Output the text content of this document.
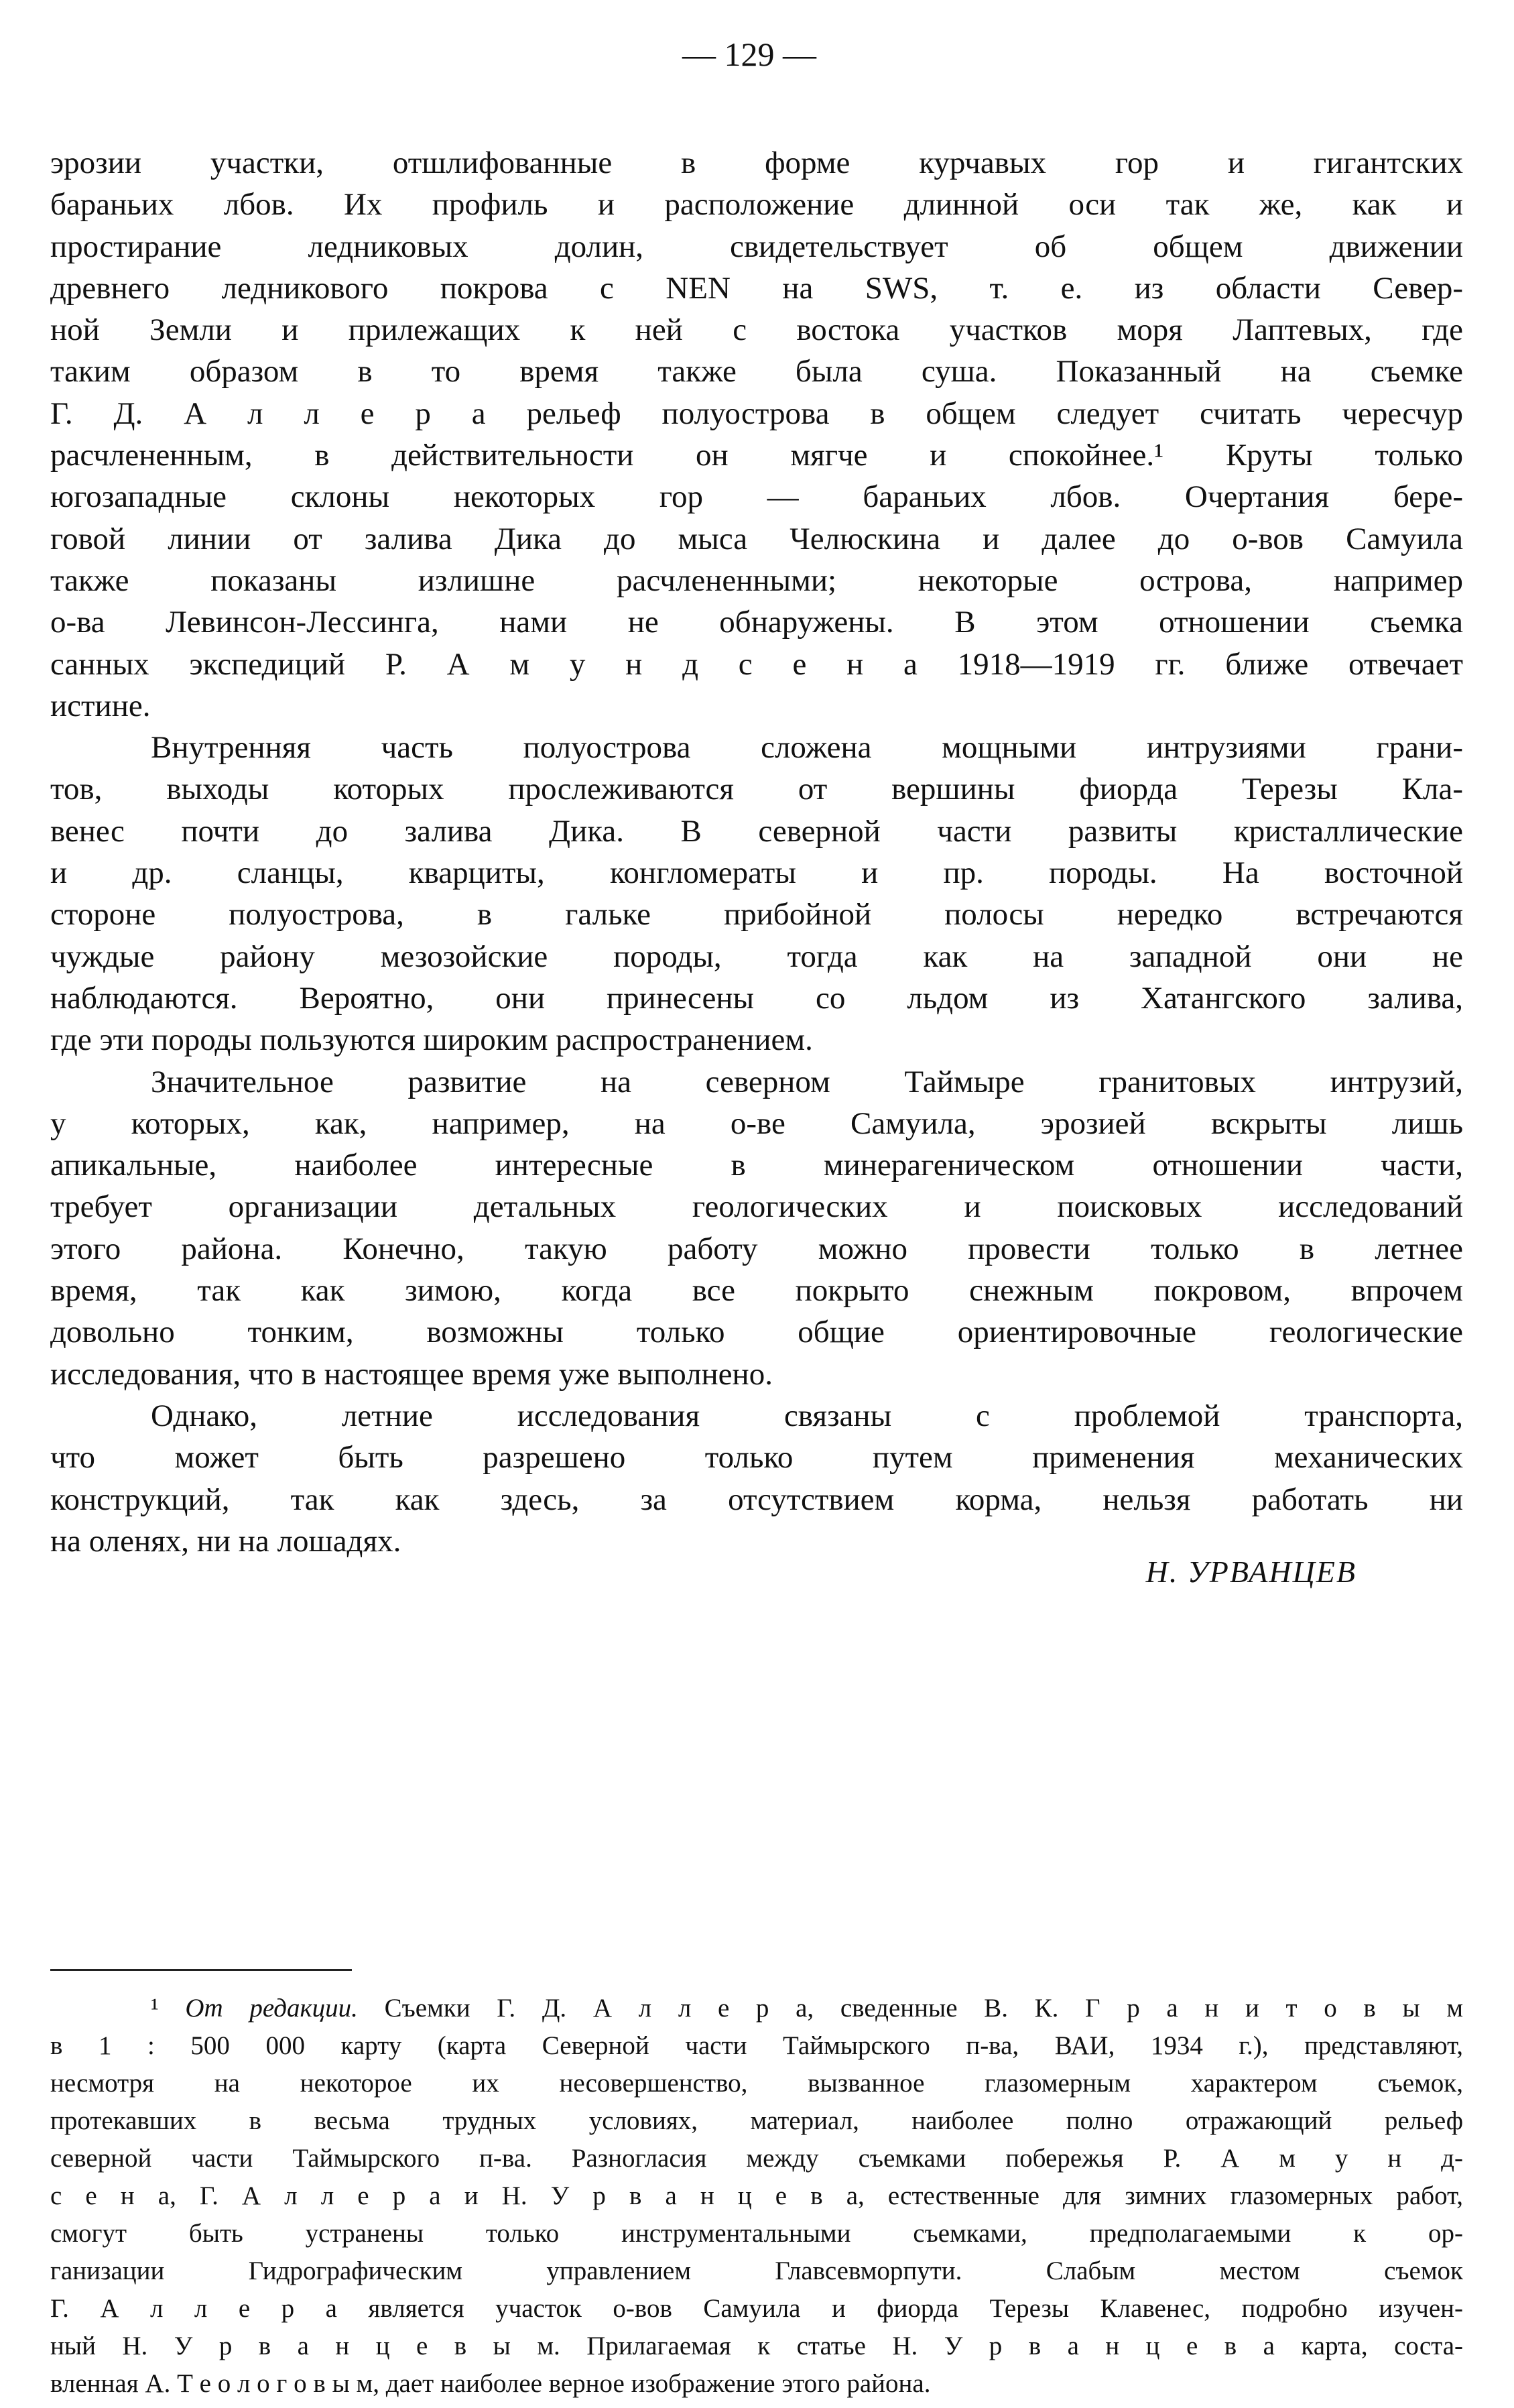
— 129 —
эрозии участки, отшлифованные в форме курчавых гор и гигантских
бараньих лбов. Их профиль и расположение длинной оси так же, как и
простирание ледниковых долин, свидетельствует об общем движении
древнего ледникового покрова с NEN на SWS, т. е. из области Север-
ной Земли и прилежащих к ней с востока участков моря Лаптевых, где
таким образом в то время также была суша. Показанный на съемке
Г. Д. А л л е р а рельеф полуострова в общем следует считать чересчур
расчлененным, в действительности он мягче и спокойнее.¹ Круты только
югозападные склоны некоторых гор — бараньих лбов. Очертания бере-
говой линии от залива Дика до мыса Челюскина и далее до о-вов Самуила
также показаны излишне расчлененными; некоторые острова, например
о-ва Левинсон-Лессинга, нами не обнаружены. В этом отношении съемка
санных экспедиций Р. А м у н д с е н а 1918—1919 гг. ближе отвечает
истине.
Внутренняя часть полуострова сложена мощными интрузиями грани-
тов, выходы которых прослеживаются от вершины фиорда Терезы Кла-
венес почти до залива Дика. В северной части развиты кристаллические
и др. сланцы, кварциты, конгломераты и пр. породы. На восточной
стороне полуострова, в гальке прибойной полосы нередко встречаются
чуждые району мезозойские породы, тогда как на западной они не
наблюдаются. Вероятно, они принесены со льдом из Хатангского залива,
где эти породы пользуются широким распространением.
Значительное развитие на северном Таймыре гранитовых интрузий,
у которых, как, например, на о-ве Самуила, эрозией вскрыты лишь
апикальные, наиболее интересные в минерагеническом отношении части,
требует организации детальных геологических и поисковых исследований
этого района. Конечно, такую работу можно провести только в летнее
время, так как зимою, когда все покрыто снежным покровом, впрочем
довольно тонким, возможны только общие ориентировочные геологические
исследования, что в настоящее время уже выполнено.
Однако, летние исследования связаны с проблемой транспорта,
что может быть разрешено только путем применения механических
конструкций, так как здесь, за отсутствием корма, нельзя работать ни
на оленях, ни на лошадях.
Н. УРВАНЦЕВ
¹ От редакции. Съемки Г. Д. А л л е р а, сведенные В. К. Г р а н и т о в ы м
в 1 : 500 000 карту (карта Северной части Таймырского п-ва, ВАИ, 1934 г.), представляют,
несмотря на некоторое их несовершенство, вызванное глазомерным характером съемок,
протекавших в весьма трудных условиях, материал, наиболее полно отражающий рельеф
северной части Таймырского п-ва. Разногласия между съемками побережья Р. А м у н д-
с е н а, Г. А л л е р а и Н. У р в а н ц е в а, естественные для зимних глазомерных работ,
смогут быть устранены только инструментальными съемками, предполагаемыми к ор-
ганизации Гидрографическим управлением Главсевморпути. Слабым местом съемок
Г. А л л е р а является участок о-вов Самуила и фиорда Терезы Клавенес, подробно изучен-
ный Н. У р в а н ц е в ы м. Прилагаемая к статье Н. У р в а н ц е в а карта, соста-
вленная А. Т е о л о г о в ы м, дает наиболее верное изображение этого района.
